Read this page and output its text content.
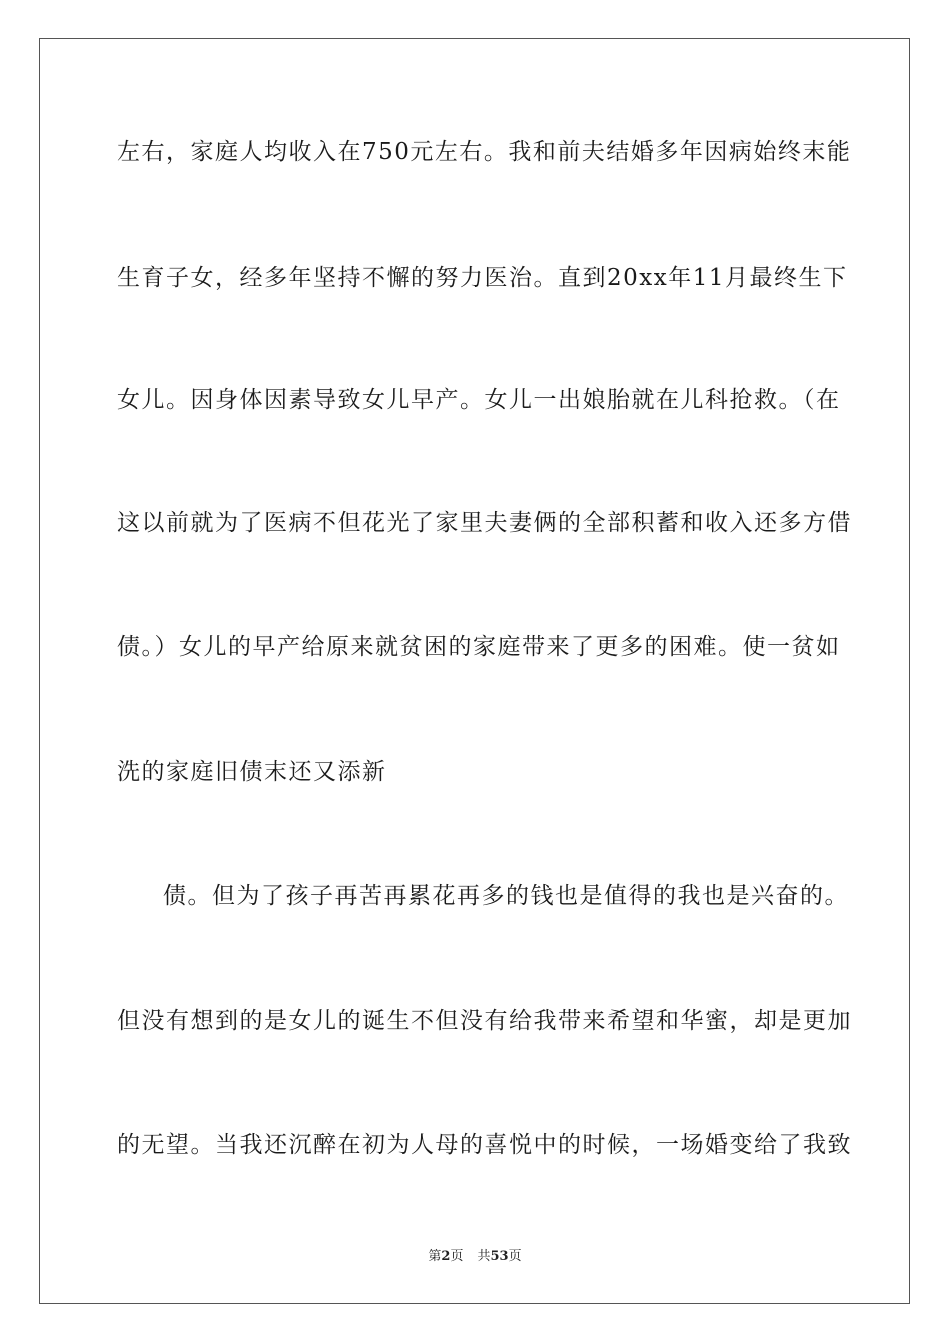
左右，家庭人均收入在750元左右。我和前夫结婚多年因病始终末能
生育子女，经多年坚持不懈的努力医治。直到20xx年11月最终生下
女儿。因身体因素导致女儿早产。女儿一出娘胎就在儿科抢救。（在
这以前就为了医病不但花光了家里夫妻俩的全部积蓄和收入还多方借
债。）女儿的早产给原来就贫困的家庭带来了更多的困难。使一贫如
洗的家庭旧债末还又添新
债。但为了孩子再苦再累花再多的钱也是值得的我也是兴奋的。
但没有想到的是女儿的诞生不但没有给我带来希望和华蜜，却是更加
的无望。当我还沉醉在初为人母的喜悦中的时候，一场婚变给了我致
第2页 共53页
